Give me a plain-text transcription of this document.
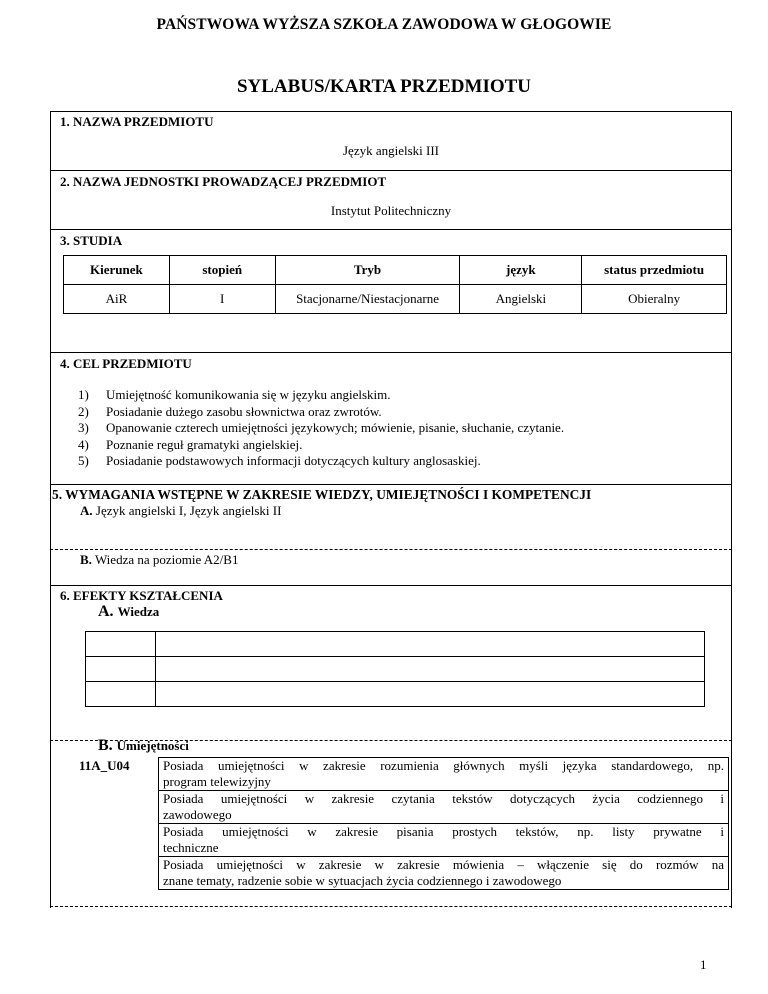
PAŃSTWOWA WYŻSZA SZKOŁA ZAWODOWA W GŁOGOWIE
SYLABUS/KARTA PRZEDMIOTU
1. NAZWA PRZEDMIOTU
Język angielski III
2. NAZWA JEDNOSTKI PROWADZĄCEJ PRZEDMIOT
Instytut Politechniczny
3. STUDIA
Kierunek	stopień	Tryb	język	status przedmiotu
AiR	I	Stacjonarne/Niestacjonarne	Angielski	Obieralny
4. CEL PRZEDMIOTU
1)	Umiejętność komunikowania się w języku angielskim.
2)	Posiadanie dużego zasobu słownictwa oraz zwrotów.
3)	Opanowanie czterech umiejętności językowych; mówienie, pisanie, słuchanie, czytanie.
4)	Poznanie reguł gramatyki angielskiej.
5)	Posiadanie podstawowych informacji dotyczących kultury anglosaskiej.
5. WYMAGANIA WSTĘPNE W ZAKRESIE WIEDZY, UMIEJĘTNOŚCI I KOMPETENCJI
A. Język angielski I, Język angielski II
B. Wiedza na poziomie A2/B1
6. EFEKTY KSZTAŁCENIA
A. Wiedza

B. Umiejętności
11A_U04	Posiada umiejętności w zakresie rozumienia głównych myśli języka standardowego, np.
program telewizyjny

Posiada umiejętności w zakresie czytania tekstów dotyczących życia codziennego i
zawodowego

Posiada umiejętności w zakresie pisania prostych tekstów, np. listy prywatne i
techniczne

Posiada umiejętności w zakresie w zakresie mówienia – włączenie się do rozmów na
znane tematy, radzenie sobie w sytuacjach życia codziennego i zawodowego
1
